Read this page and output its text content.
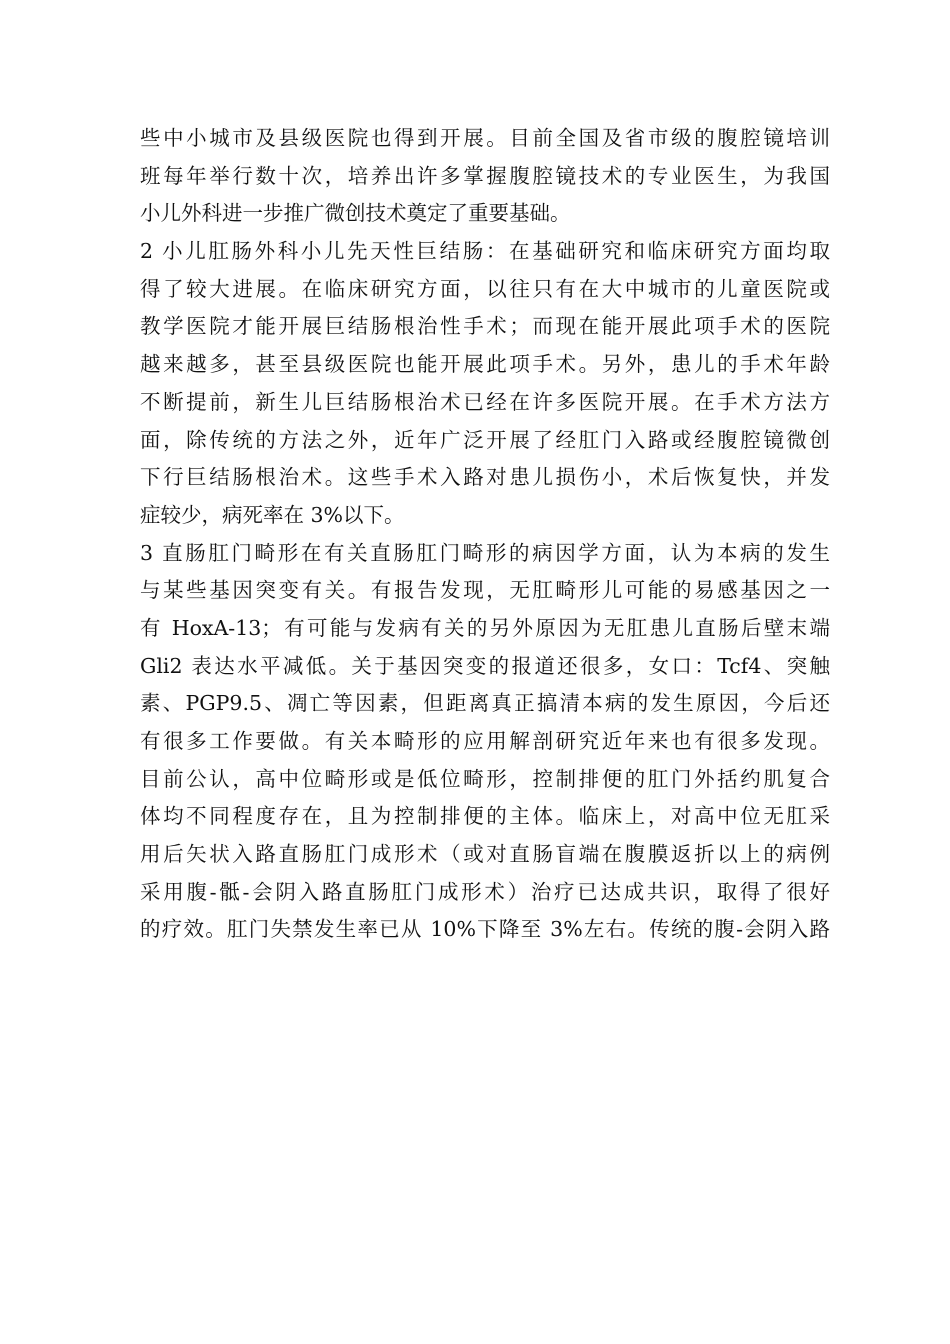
些中小城市及县级医院也得到开展。目前全国及省市级的腹腔镜培训
班每年举行数十次，培养出许多掌握腹腔镜技术的专业医生，为我国
小儿外科进一步推广微创技术奠定了重要基础。
2 小儿肛肠外科小儿先天性巨结肠：在基础研究和临床研究方面均取
得了较大进展。在临床研究方面，以往只有在大中城市的儿童医院或
教学医院才能开展巨结肠根治性手术；而现在能开展此项手术的医院
越来越多，甚至县级医院也能开展此项手术。另外，患儿的手术年龄
不断提前，新生儿巨结肠根治术已经在许多医院开展。在手术方法方
面，除传统的方法之外，近年广泛开展了经肛门入路或经腹腔镜微创
下行巨结肠根治术。这些手术入路对患儿损伤小，术后恢复快，并发
症较少，病死率在 3%以下。
3 直肠肛门畸形在有关直肠肛门畸形的病因学方面，认为本病的发生
与某些基因突变有关。有报告发现，无肛畸形儿可能的易感基因之一
有 HoxA-13；有可能与发病有关的另外原因为无肛患儿直肠后壁末端
Gli2 表达水平减低。关于基因突变的报道还很多，女口：Tcf4、突触
素、PGP9.5、凋亡等因素，但距离真正搞清本病的发生原因，今后还
有很多工作要做。有关本畸形的应用解剖研究近年来也有很多发现。
目前公认，高中位畸形或是低位畸形，控制排便的肛门外括约肌复合
体均不同程度存在，且为控制排便的主体。临床上，对高中位无肛采
用后矢状入路直肠肛门成形术（或对直肠盲端在腹膜返折以上的病例
采用腹-骶-会阴入路直肠肛门成形术）治疗已达成共识，取得了很好
的疗效。肛门失禁发生率已从 10%下降至 3%左右。传统的腹-会阴入路
